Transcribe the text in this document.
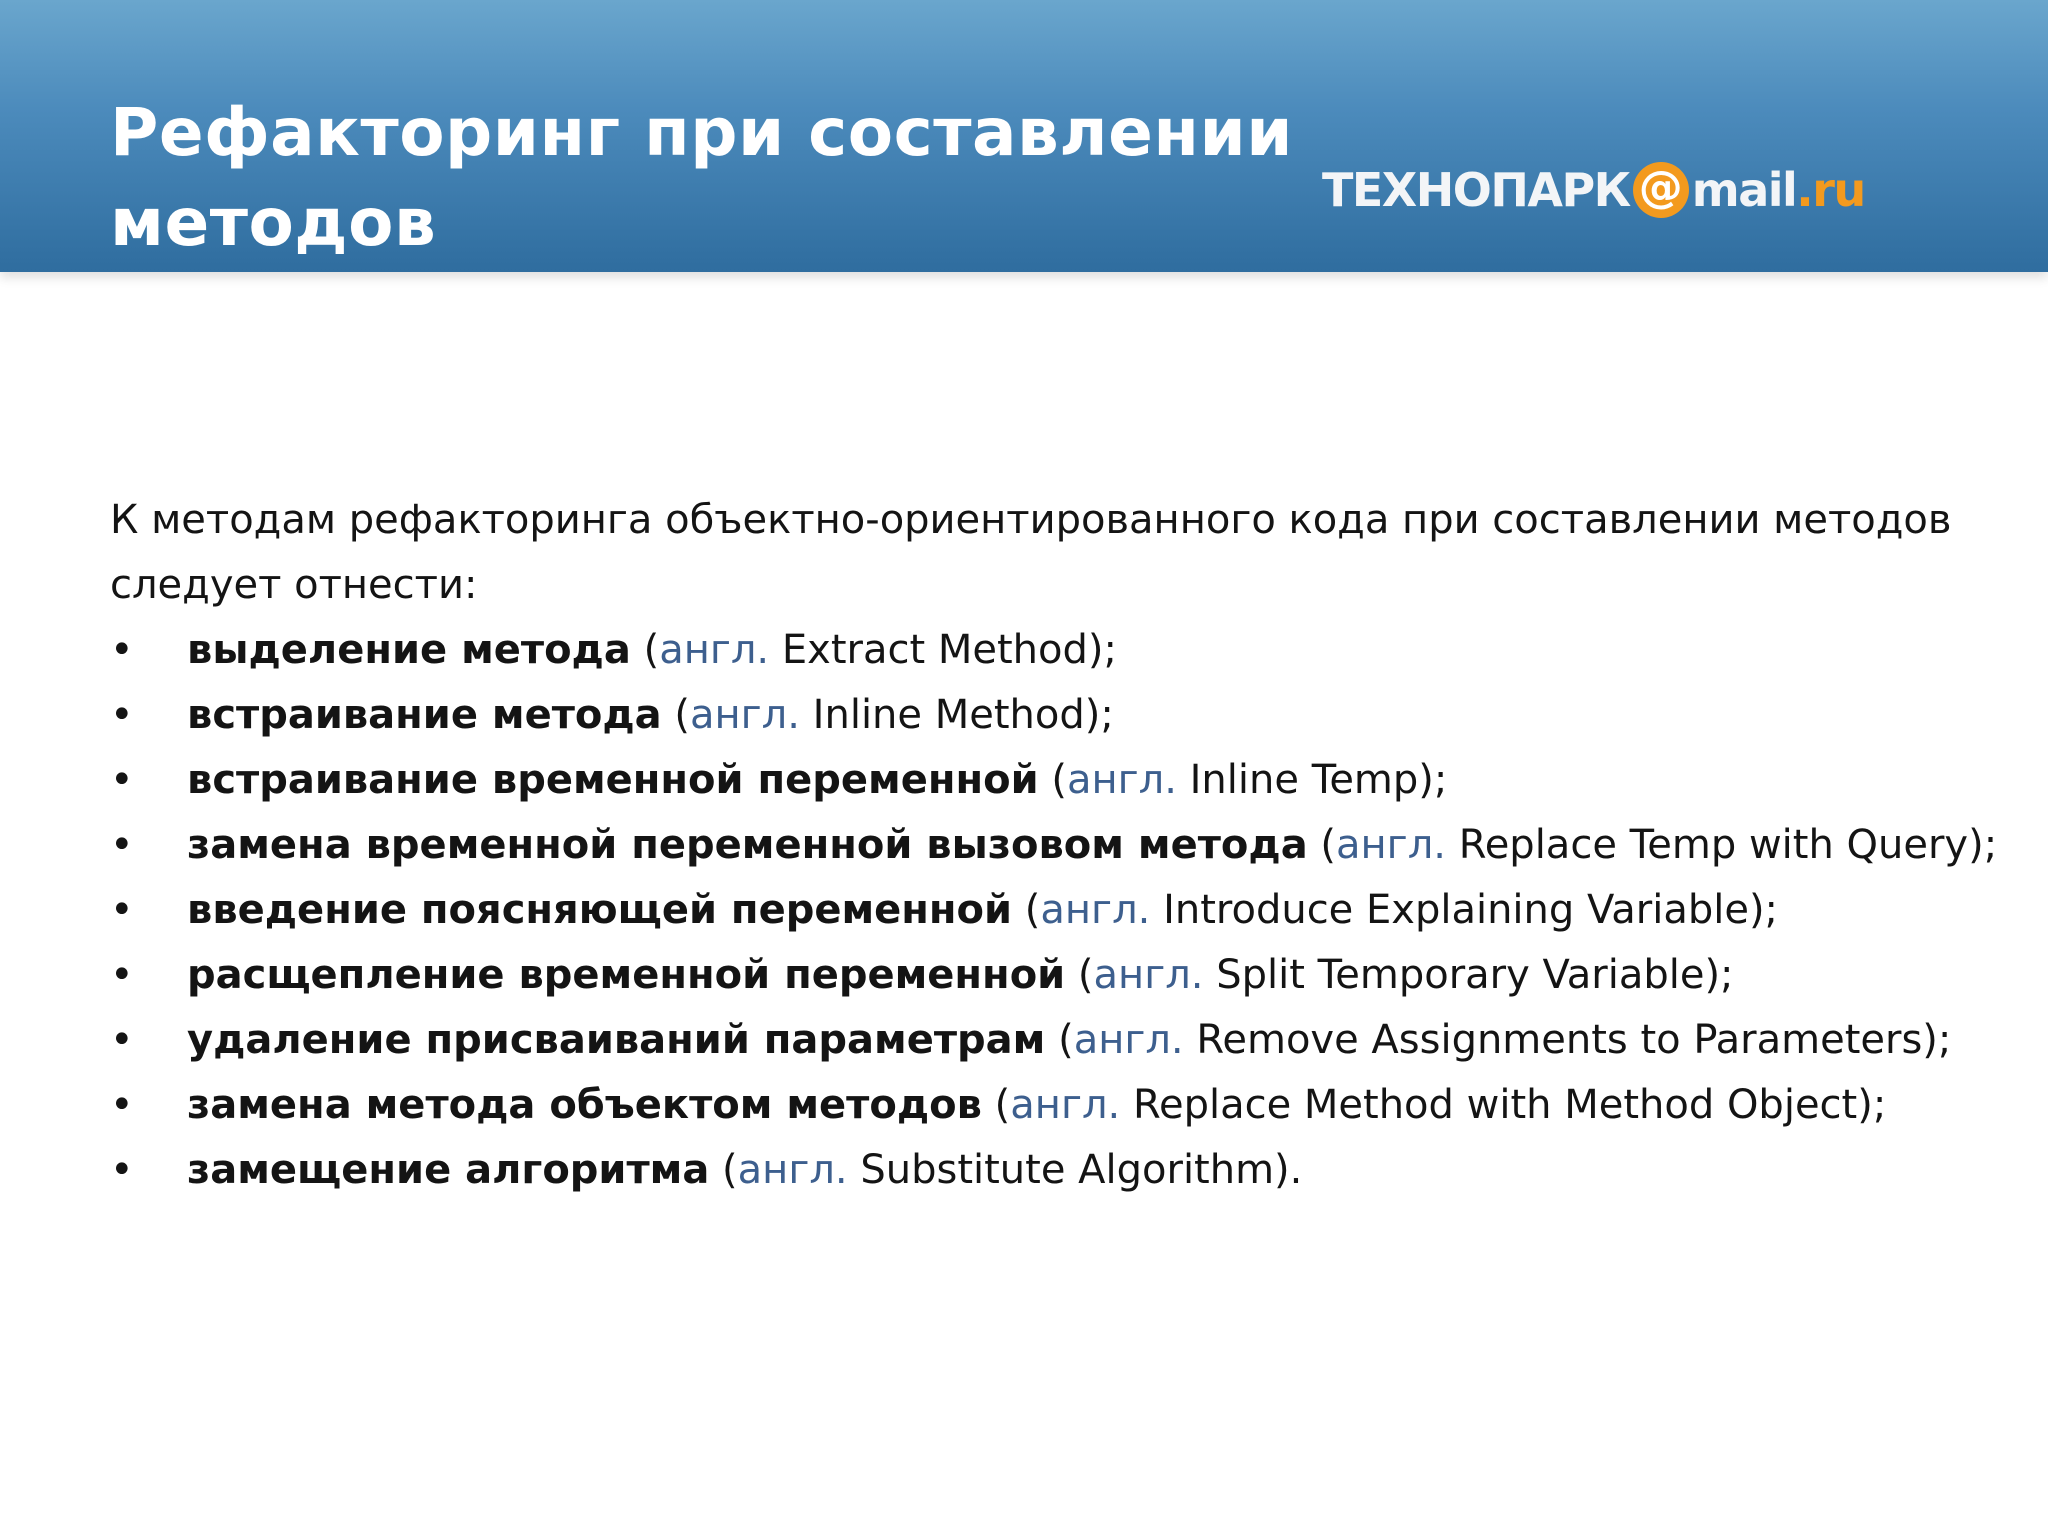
Рефакторинг при составлении методов	ТЕХНОПАРК @ mail .ru

К методам рефакторинга объектно-ориентированного кода при составлении методов следует отнести:

• выделение метода (англ. Extract Method);
• встраивание метода (англ. Inline Method);
• встраивание временной переменной (англ. Inline Temp);
• замена временной переменной вызовом метода (англ. Replace Temp with Query);
• введение поясняющей переменной (англ. Introduce Explaining Variable);
• расщепление временной переменной (англ. Split Temporary Variable);
• удаление присваиваний параметрам (англ. Remove Assignments to Parameters);
• замена метода объектом методов (англ. Replace Method with Method Object);
• замещение алгоритма (англ. Substitute Algorithm).
